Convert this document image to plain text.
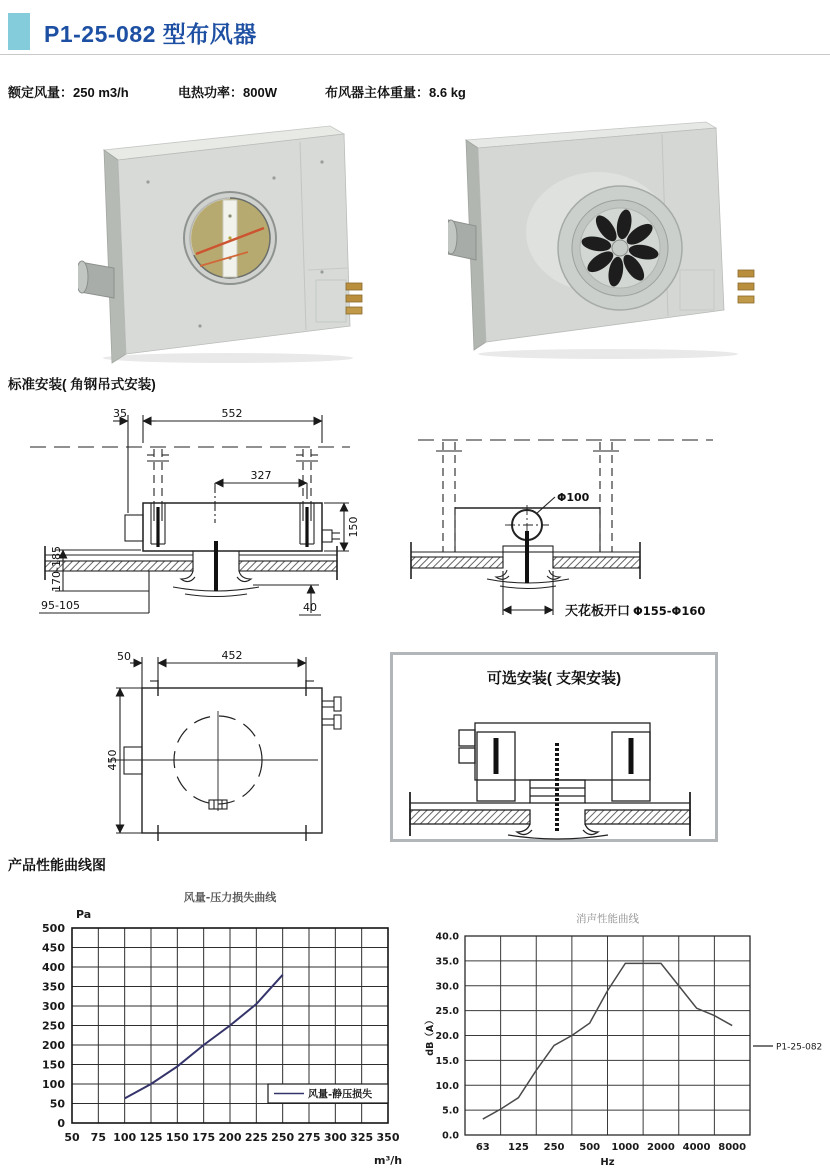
P1-25-082 型布风器
额定风量：250 m3/h	电热功率：800W	布风器主体重量：8.6 kg
标准安装( 角钢吊式安装)
35	552
327
150
170-185
95-105	40
Φ100
天花板开口 Φ155-Φ160
50	452
450
可选安装( 支架安装)
产品性能曲线图
50 75 100 125 150 175 200 225 250 275 300 325 350
0
50
100
150
200
250
300
350
400
450
500
风量-压力损失曲线
Pa
m³/h
风量-静压损失
0.0
5.0
10.0
15.0
20.0
25.0
30.0
35.0
40.0
63 125 250 500 1000 2000 4000 8000
消声性能曲线
Hz
dB（A）	P1-25-082
